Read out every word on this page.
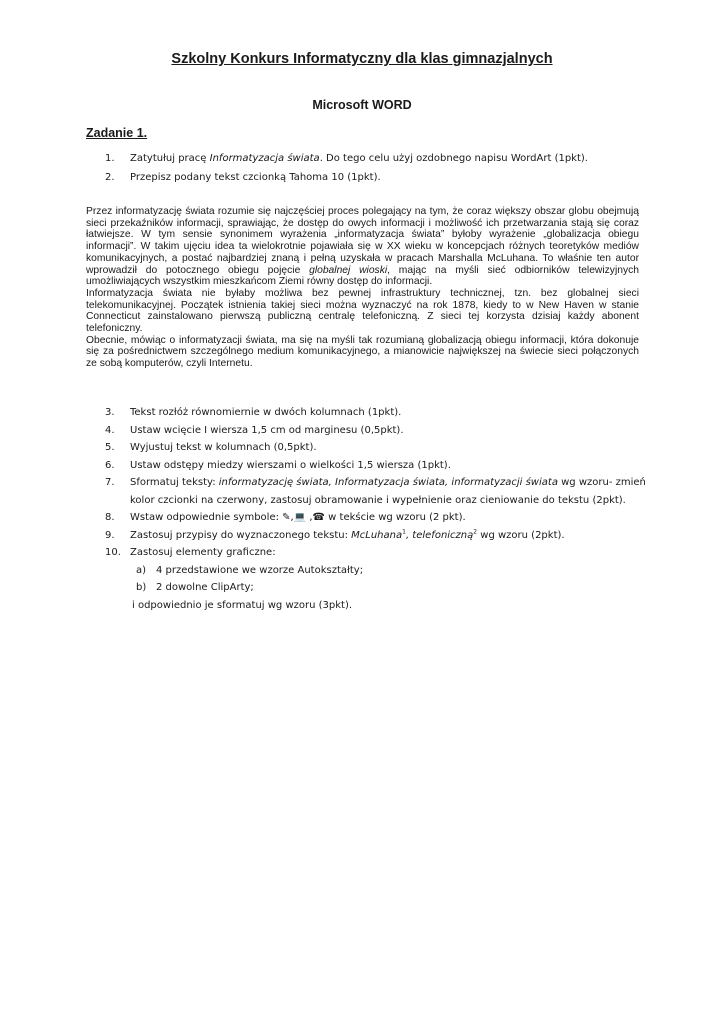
Szkolny Konkurs Informatyczny dla klas gimnazjalnych
Microsoft WORD
Zadanie 1.
1. Zatytułuj pracę Informatyzacja świata. Do tego celu użyj ozdobnego napisu WordArt (1pkt).
2. Przepisz podany tekst czcionką Tahoma 10 (1pkt).

Przez informatyzację świata rozumie się najczęściej proces polegający na tym, że coraz większy obszar globu obejmują sieci przekaźników informacji, sprawiając, że dostęp do owych informacji i możliwość ich przetwarzania stają się coraz łatwiejsze. W tym sensie synonimem wyrażenia „informatyzacja świata” byłoby wyrażenie „globalizacja obiegu informacji”. W takim ujęciu idea ta wielokrotnie pojawiała się w XX wieku w koncepcjach różnych teoretyków mediów komunikacyjnych, a postać najbardziej znaną i pełną uzyskała w pracach Marshalla McLuhana. To właśnie ten autor wprowadził do potocznego obiegu pojęcie globalnej wioski, mając na myśli sieć odbiorników telewizyjnych umożliwiających wszystkim mieszkańcom Ziemi równy dostęp do informacji.

Informatyzacja świata nie byłaby możliwa bez pewnej infrastruktury technicznej, tzn. bez globalnej sieci telekomunikacyjnej. Początek istnienia takiej sieci można wyznaczyć na rok 1878, kiedy to w New Haven w stanie Connecticut zainstalowano pierwszą publiczną centralę telefoniczną. Z sieci tej korzysta dzisiaj każdy abonent telefoniczny.

Obecnie, mówiąc o informatyzacji świata, ma się na myśli tak rozumianą globalizacją obiegu informacji, która dokonuje się za pośrednictwem szczególnego medium komunikacyjnego, a mianowicie największej na świecie sieci połączonych ze sobą komputerów, czyli Internetu.

3. Tekst rozłóż równomiernie w dwóch kolumnach (1pkt).
4. Ustaw wcięcie I wiersza 1,5 cm od marginesu (0,5pkt).
5. Wyjustuj tekst w kolumnach (0,5pkt).
6. Ustaw odstępy miedzy wierszami o wielkości 1,5 wiersza (1pkt).
7. Sformatuj teksty: informatyzację świata, Informatyzacja świata, informatyzacji świata wg wzoru- zmień kolor czcionki na czerwony, zastosuj obramowanie i wypełnienie oraz cieniowanie do tekstu (2pkt).
8. Wstaw odpowiednie symbole: ✎,💻 ,☎ w tekście wg wzoru (2 pkt).
9. Zastosuj przypisy do wyznaczonego tekstu: McLuhana$^1$, telefoniczną$^2$ wg wzoru (2pkt).
10. Zastosuj elementy graficzne:
a) 4 przedstawione we wzorze Autokształty;
b) 2 dowolne ClipArty;
i odpowiednio je sformatuj wg wzoru (3pkt).
